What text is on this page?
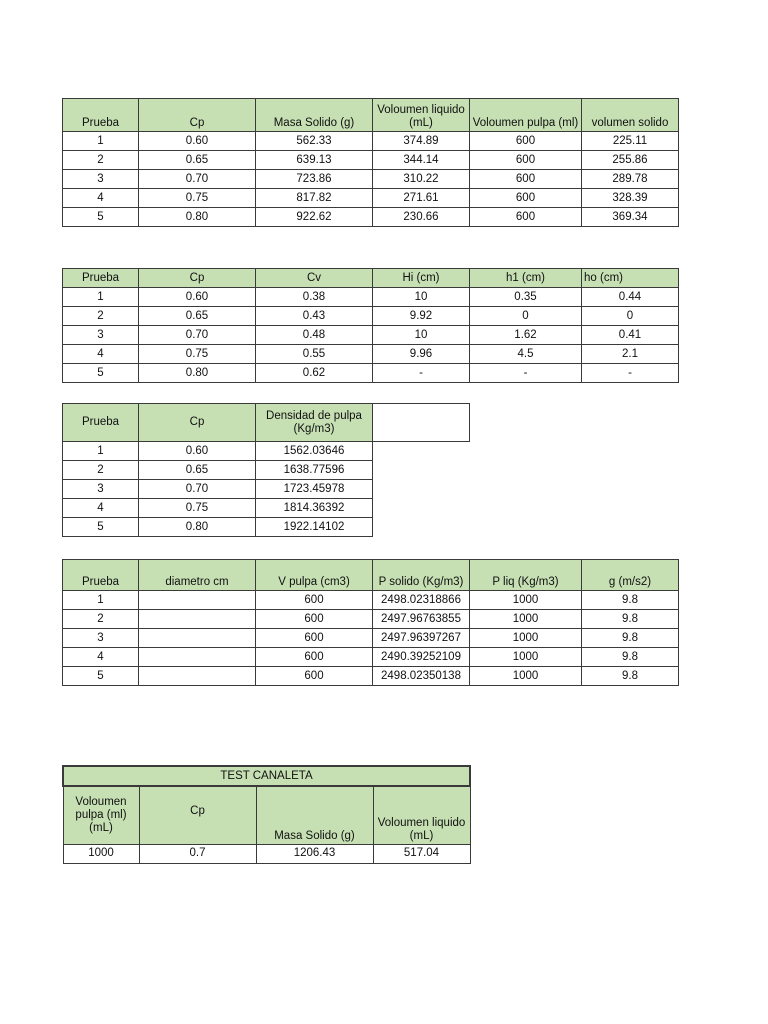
Prueba	Cp	Masa Solido (g)	Voloumen liquido (mL)	Voloumen pulpa (ml)	volumen solido
1	0.60	562.33	374.89	600	225.11
2	0.65	639.13	344.14	600	255.86
3	0.70	723.86	310.22	600	289.78
4	0.75	817.82	271.61	600	328.39
5	0.80	922.62	230.66	600	369.34
Prueba	Cp	Cv	Hi (cm)	h1 (cm)	ho (cm)
1	0.60	0.38	10	0.35	0.44
2	0.65	0.43	9.92	0	0
3	0.70	0.48	10	1.62	0.41
4	0.75	0.55	9.96	4.5	2.1
5	0.80	0.62	-	-	-
Prueba	Cp	Densidad de pulpa (Kg/m3)	
1	0.60	1562.03646	
2	0.65	1638.77596	
3	0.70	1723.45978	
4	0.75	1814.36392	
5	0.80	1922.14102	
Prueba	diametro cm	V pulpa (cm3)	P solido (Kg/m3)	P liq (Kg/m3)	g (m/s2)
1		600	2498.02318866	1000	9.8
2		600	2497.96763855	1000	9.8
3		600	2497.96397267	1000	9.8
4		600	2490.39252109	1000	9.8
5		600	2498.02350138	1000	9.8
TEST CANALETA			
Voloumen pulpa (ml) (mL)	Cp	Masa Solido (g)	Voloumen liquido (mL)
1000	0.7	1206.43	517.04
